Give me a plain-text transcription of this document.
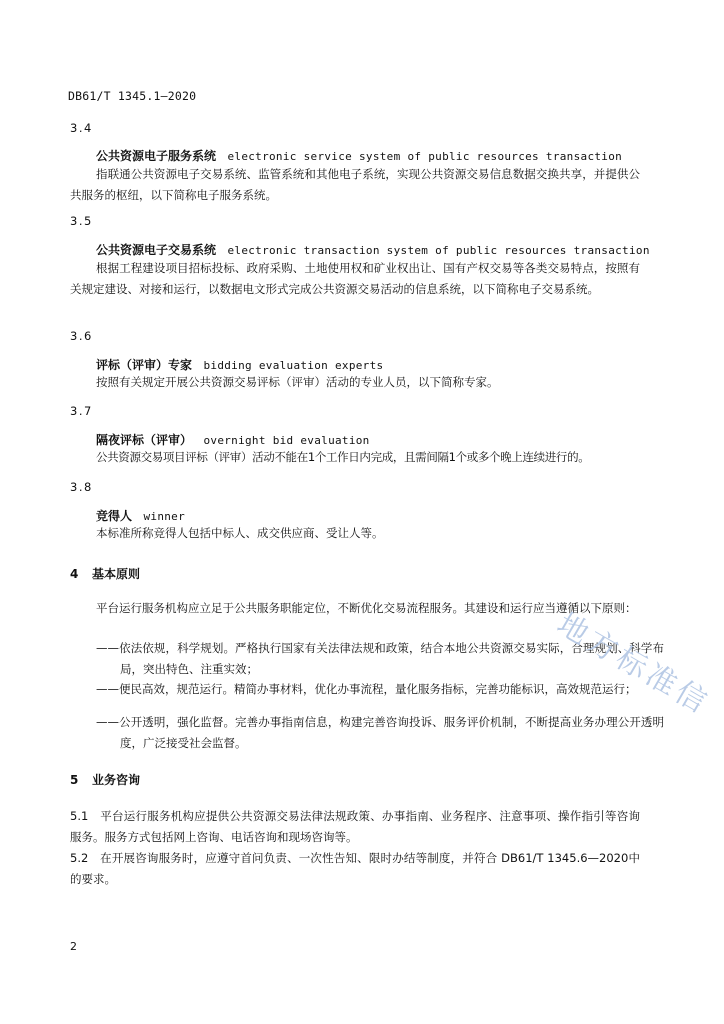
DB61/T 1345.1—2020
3.4
公共资源电子服务系统 electronic service system of public resources transaction
指联通公共资源电子交易系统、监管系统和其他电子系统，实现公共资源交易信息数据交换共享，并提供公共服务的枢纽，以下简称电子服务系统。
3.5
公共资源电子交易系统 electronic transaction system of public resources transaction
根据工程建设项目招标投标、政府采购、土地使用权和矿业权出让、国有产权交易等各类交易特点，按照有关规定建设、对接和运行，以数据电文形式完成公共资源交易活动的信息系统，以下简称电子交易系统。
3.6
评标（评审）专家 bidding evaluation experts
按照有关规定开展公共资源交易评标（评审）活动的专业人员，以下简称专家。
3.7
隔夜评标（评审） overnight bid evaluation
公共资源交易项目评标（评审）活动不能在1个工作日内完成，且需间隔1个或多个晚上连续进行的。
3.8
竞得人 winner
本标准所称竞得人包括中标人、成交供应商、受让人等。
4 基本原则
平台运行服务机构应立足于公共服务职能定位，不断优化交易流程服务。其建设和运行应当遵循以下原则：
——依法依规，科学规划。严格执行国家有关法律法规和政策，结合本地公共资源交易实际，合理规划、科学布局，突出特色、注重实效；
——便民高效，规范运行。精简办事材料，优化办事流程，量化服务指标，完善功能标识，高效规范运行；
——公开透明，强化监督。完善办事指南信息，构建完善咨询投诉、服务评价机制，不断提高业务办理公开透明度，广泛接受社会监督。
5 业务咨询
5.1　平台运行服务机构应提供公共资源交易法律法规政策、办事指南、业务程序、注意事项、操作指引等咨询服务。服务方式包括网上咨询、电话咨询和现场咨询等。
5.2　在开展咨询服务时，应遵守首问负责、一次性告知、限时办结等制度，并符合 DB61/T 1345.6—2020中的要求。
2
地方标准信
